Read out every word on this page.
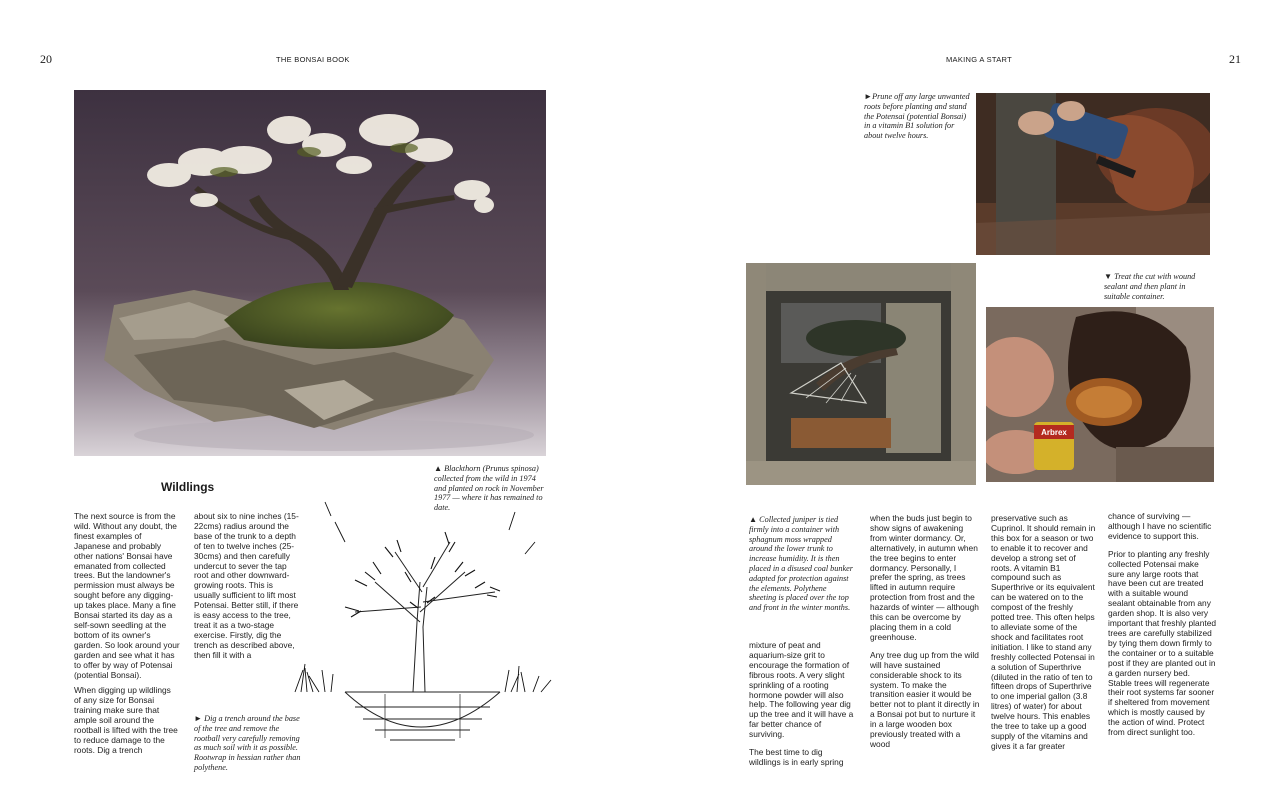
20	THE BONSAI BOOK
Wildlings
▲ Blackthorn (Prunus spinosa) collected from the wild in 1974 and planted on rock in November 1977 — where it has remained to date.

The next source is from the wild. Without any doubt, the finest examples of Japanese and probably other nations' Bonsai have emanated from collected trees. But the landowner's permission must always be sought before any digging-up takes place. Many a fine Bonsai started its day as a self-sown seedling at the bottom of its owner's garden. So look around your garden and see what it has to offer by way of Potensai (potential Bonsai).

When digging up wildlings of any size for Bonsai training make sure that ample soil around the rootball is lifted with the tree to reduce damage to the roots. Dig a trench

about six to nine inches (15-22cms) radius around the base of the trunk to a depth of ten to twelve inches (25-30cms) and then carefully undercut to sever the tap root and other downward-growing roots. This is usually sufficient to lift most Potensai. Better still, if there is easy access to the tree, treat it as a two-stage exercise. Firstly, dig the trench as described above, then fill it with a
► Dig a trench around the base of the tree and remove the rootball very carefully removing as much soil with it as possible. Rootwrap in hessian rather than polythene.
MAKING A START	21
►Prune off any large unwanted roots before planting and stand the Potensai (potential Bonsai) in a vitamin B1 solution for about twelve hours.
▼ Treat the cut with wound sealant and then plant in suitable container.
Arbrex
▲ Collected juniper is tied firmly into a container with sphagnum moss wrapped around the lower trunk to increase humidity. It is then placed in a disused coal bunker adapted for protection against the elements. Polythene sheeting is placed over the top and front in the winter months.

mixture of peat and aquarium-size grit to encourage the formation of fibrous roots. A very slight sprinkling of a rooting hormone powder will also help. The following year dig up the tree and it will have a far better chance of surviving.

The best time to dig wildlings is in early spring

when the buds just begin to show signs of awakening from winter dormancy. Or, alternatively, in autumn when the tree begins to enter dormancy. Personally, I prefer the spring, as trees lifted in autumn require protection from frost and the hazards of winter — although this can be overcome by placing them in a cold greenhouse.

Any tree dug up from the wild will have sustained considerable shock to its system. To make the transition easier it would be better not to plant it directly in a Bonsai pot but to nurture it in a large wooden box previously treated with a wood

preservative such as Cuprinol. It should remain in this box for a season or two to enable it to recover and develop a strong set of roots. A vitamin B1 compound such as Superthrive or its equivalent can be watered on to the compost of the freshly potted tree. This often helps to alleviate some of the shock and facilitates root initiation. I like to stand any freshly collected Potensai in a solution of Superthrive (diluted in the ratio of ten to fifteen drops of Superthrive to one imperial gallon (3.8 litres) of water) for about twelve hours. This enables the tree to take up a good supply of the vitamins and gives it a far greater

chance of surviving — although I have no scientific evidence to support this.

Prior to planting any freshly collected Potensai make sure any large roots that have been cut are treated with a suitable wound sealant obtainable from any garden shop. It is also very important that freshly planted trees are carefully stabilized by tying them down firmly to the container or to a suitable post if they are planted out in a garden nursery bed. Stable trees will regenerate their root systems far sooner if sheltered from movement which is mostly caused by the action of wind. Protect from direct sunlight too.
